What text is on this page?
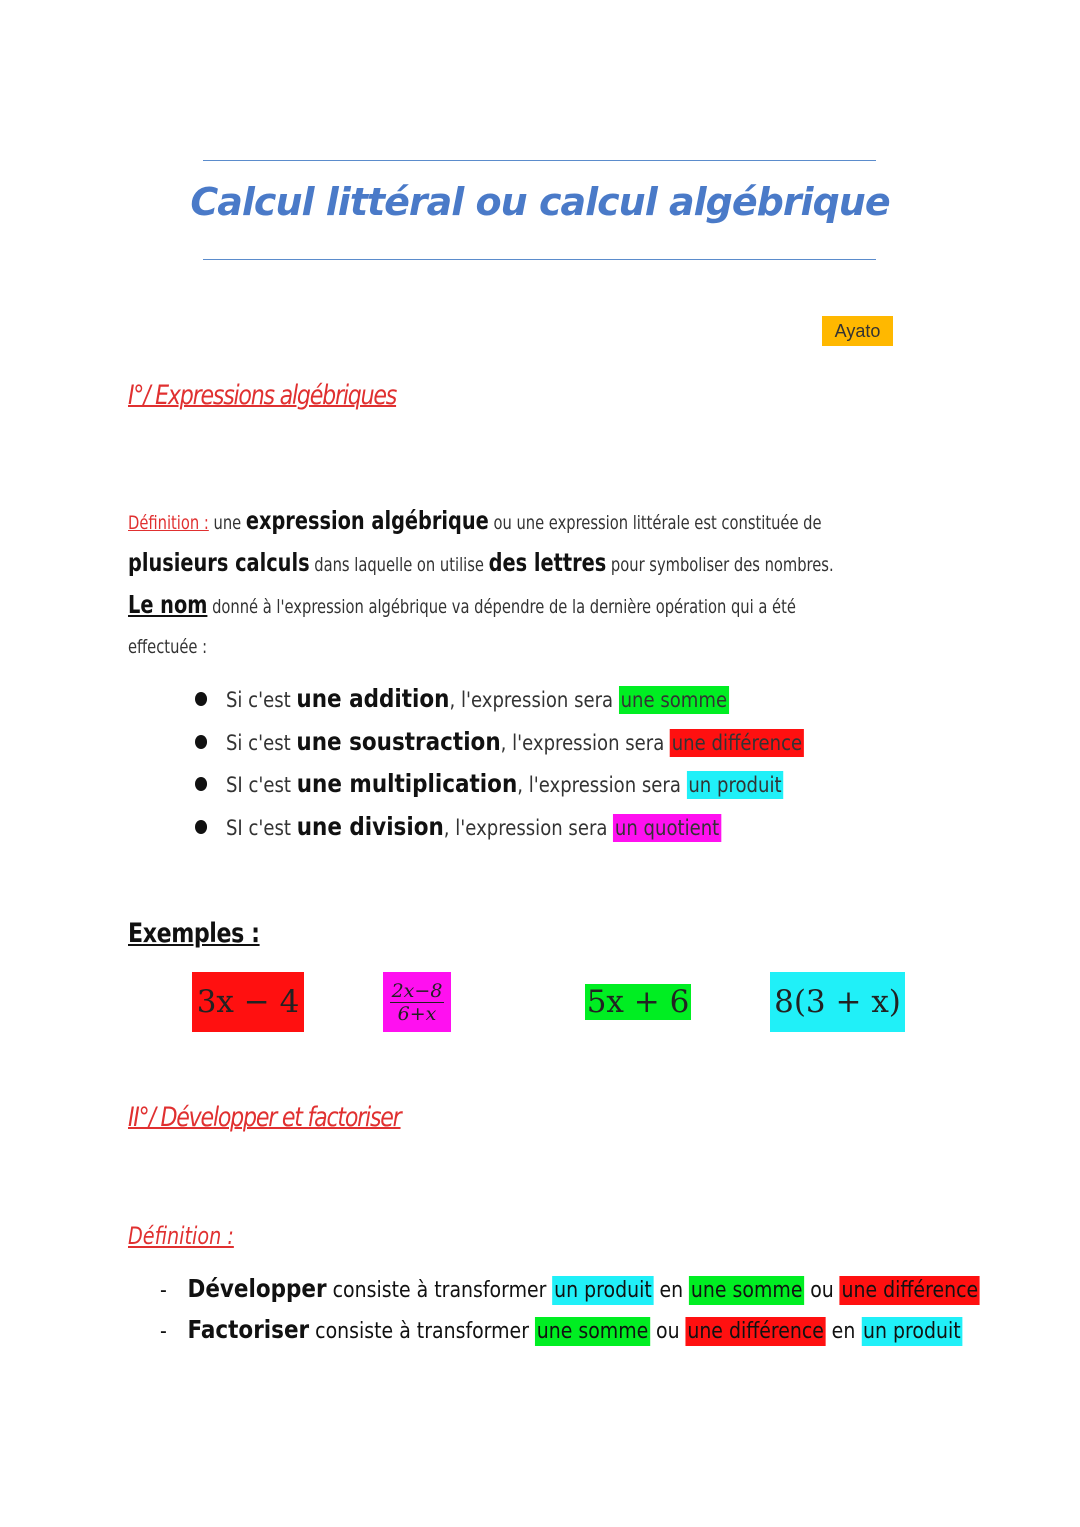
Calcul littéral ou calcul algébrique
Ayato
I°/ Expressions algébriques
Définition : une expression algébrique ou une expression littérale est constituée de
plusieurs calculs dans laquelle on utilise des lettres pour symboliser des nombres.
Le nom donné à l'expression algébrique va dépendre de la dernière opération qui a été
effectuée :
Si c'est une addition, l'expression sera une somme
Si c'est une soustraction, l'expression sera une différence
SI c'est une multiplication, l'expression sera un produit
SI c'est une division, l'expression sera un quotient
Exemples :
3x − 4	$\frac{2x-8}{6+x}$	5x + 6	8(3 + x)
II°/ Développer et factoriser
Définition :
- Développer consiste à transformer un produit en une somme ou une différence
- Factoriser consiste à transformer une somme ou une différence en un produit
